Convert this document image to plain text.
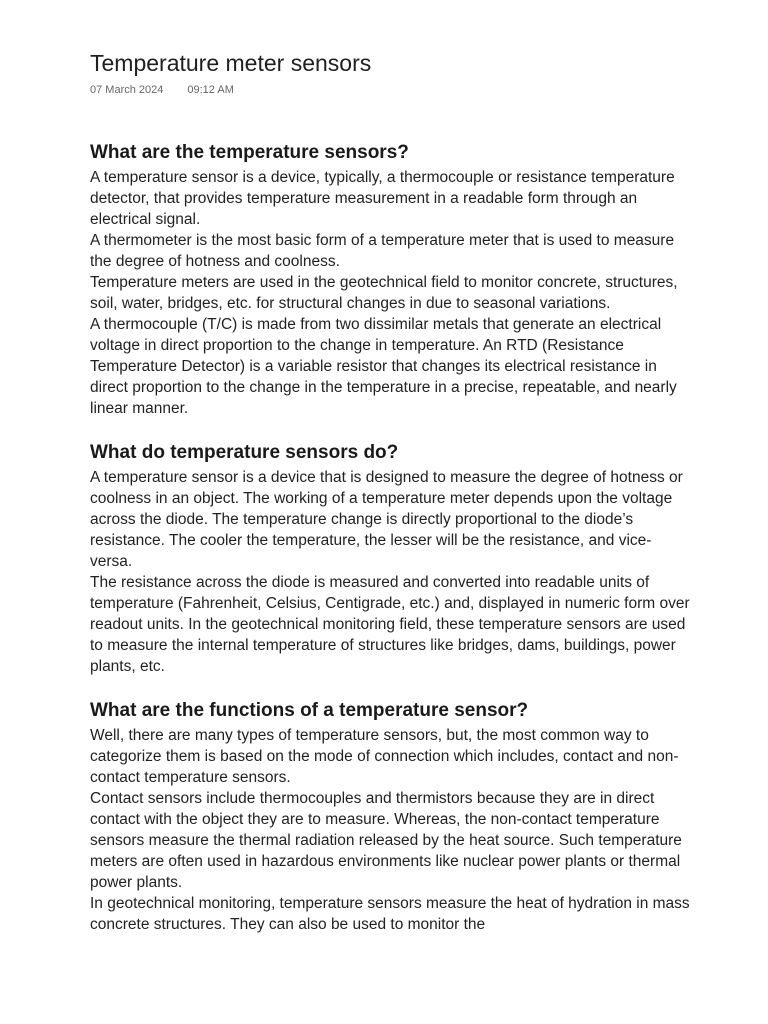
Temperature meter sensors
07 March 2024 09:12 AM
What are the temperature sensors?

A temperature sensor is a device, typically, a thermocouple or resistance temperature detector, that provides temperature measurement in a readable form through an electrical signal.

A thermometer is the most basic form of a temperature meter that is used to measure the degree of hotness and coolness.

Temperature meters are used in the geotechnical field to monitor concrete, structures, soil, water, bridges, etc. for structural changes in due to seasonal variations.

A thermocouple (T/C) is made from two dissimilar metals that generate an electrical voltage in direct proportion to the change in temperature. An RTD (Resistance Temperature Detector) is a variable resistor that changes its electrical resistance in direct proportion to the change in the temperature in a precise, repeatable, and nearly linear manner.

What do temperature sensors do?

A temperature sensor is a device that is designed to measure the degree of hotness or coolness in an object. The working of a temperature meter depends upon the voltage across the diode. The temperature change is directly proportional to the diode’s resistance. The cooler the temperature, the lesser will be the resistance, and vice-versa.

The resistance across the diode is measured and converted into readable units of temperature (Fahrenheit, Celsius, Centigrade, etc.) and, displayed in numeric form over readout units. In the geotechnical monitoring field, these temperature sensors are used to measure the internal temperature of structures like bridges, dams, buildings, power plants, etc.

What are the functions of a temperature sensor?

Well, there are many types of temperature sensors, but, the most common way to categorize them is based on the mode of connection which includes, contact and non-contact temperature sensors.

Contact sensors include thermocouples and thermistors because they are in direct contact with the object they are to measure. Whereas, the non-contact temperature sensors measure the thermal radiation released by the heat source. Such temperature meters are often used in hazardous environments like nuclear power plants or thermal power plants.

In geotechnical monitoring, temperature sensors measure the heat of hydration in mass concrete structures. They can also be used to monitor the
